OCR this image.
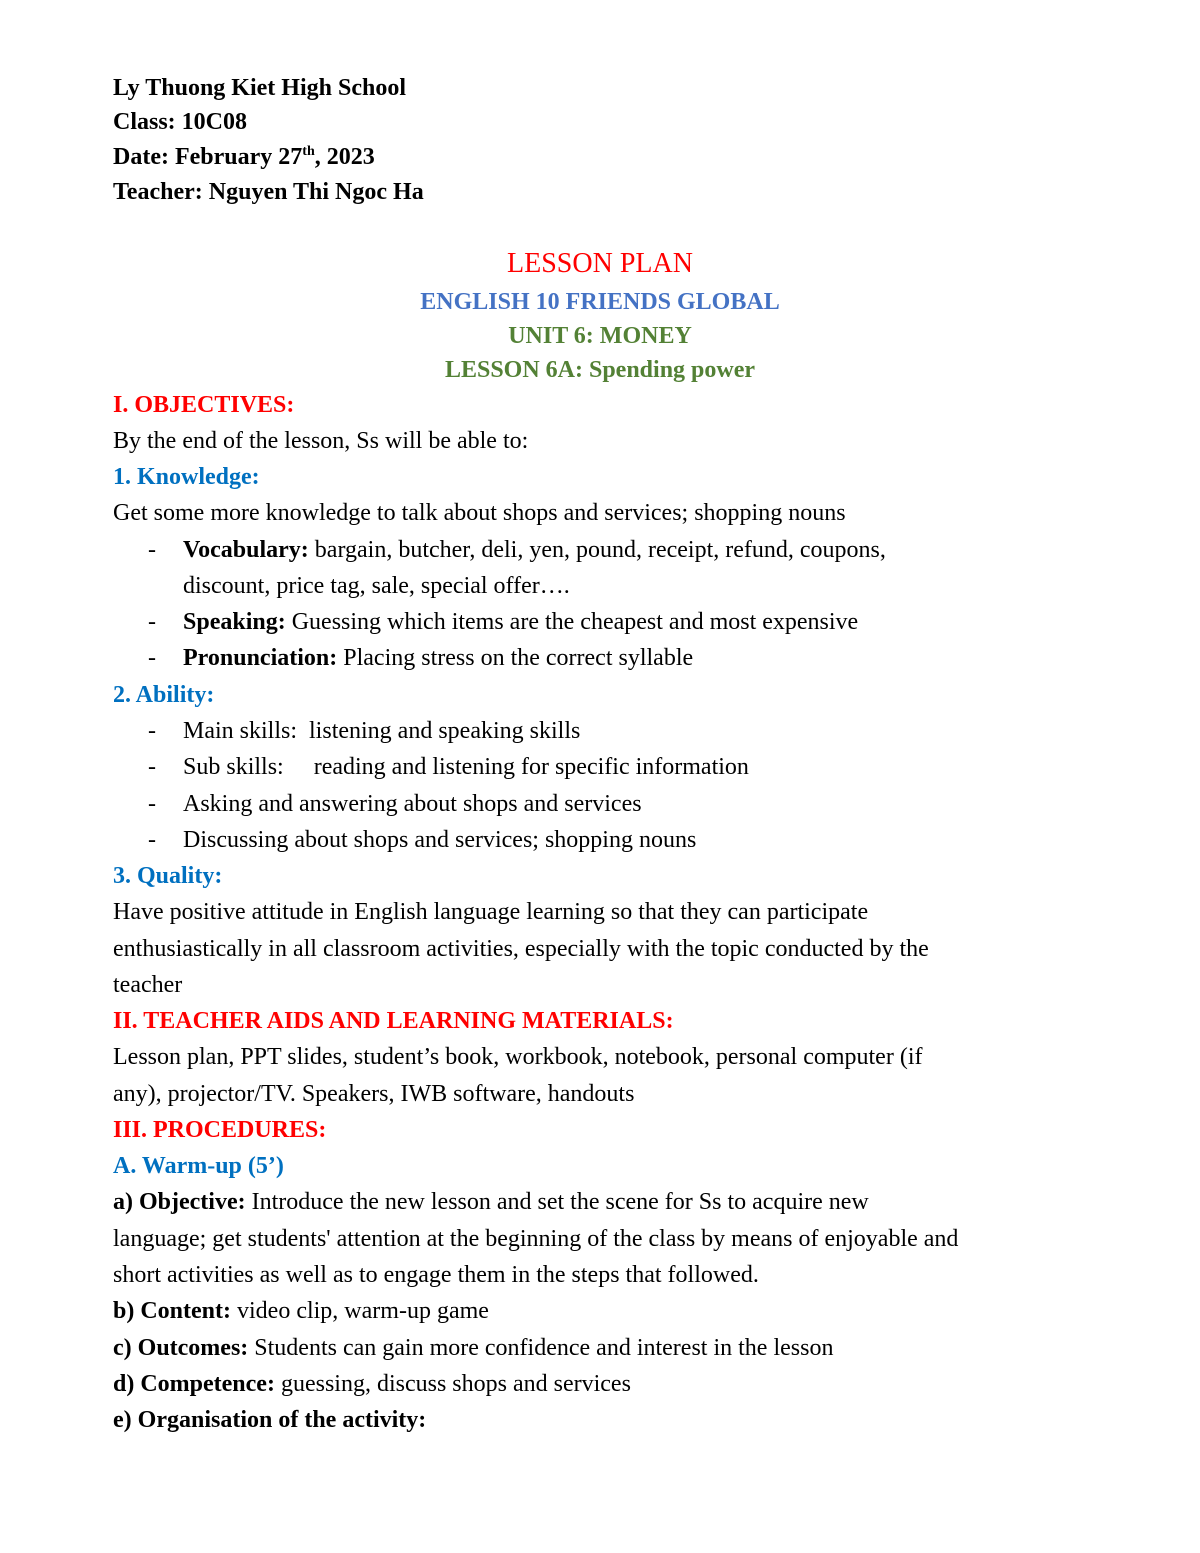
Ly Thuong Kiet High School
Class: 10C08
Date: February 27th, 2023
Teacher: Nguyen Thi Ngoc Ha
LESSON PLAN
ENGLISH 10 FRIENDS GLOBAL
UNIT 6: MONEY
LESSON 6A: Spending power
I. OBJECTIVES:
By the end of the lesson, Ss will be able to:
1. Knowledge:
Get some more knowledge to talk about shops and services; shopping nouns
- Vocabulary: bargain, butcher, deli, yen, pound, receipt, refund, coupons,
discount, price tag, sale, special offer….
- Speaking: Guessing which items are the cheapest and most expensive
- Pronunciation: Placing stress on the correct syllable
2. Ability:
- Main skills:  listening and speaking skills
- Sub skills:     reading and listening for specific information
- Asking and answering about shops and services
- Discussing about shops and services; shopping nouns
3. Quality:
Have positive attitude in English language learning so that they can participate
enthusiastically in all classroom activities, especially with the topic conducted by the
teacher
II. TEACHER AIDS AND LEARNING MATERIALS:
Lesson plan, PPT slides, student’s book, workbook, notebook, personal computer (if
any), projector/TV. Speakers, IWB software, handouts
III. PROCEDURES:
A. Warm-up (5’)
a) Objective: Introduce the new lesson and set the scene for Ss to acquire new
language; get students' attention at the beginning of the class by means of enjoyable and
short activities as well as to engage them in the steps that followed.
b) Content: video clip, warm-up game
c) Outcomes: Students can gain more confidence and interest in the lesson
d) Competence: guessing, discuss shops and services
e) Organisation of the activity:
